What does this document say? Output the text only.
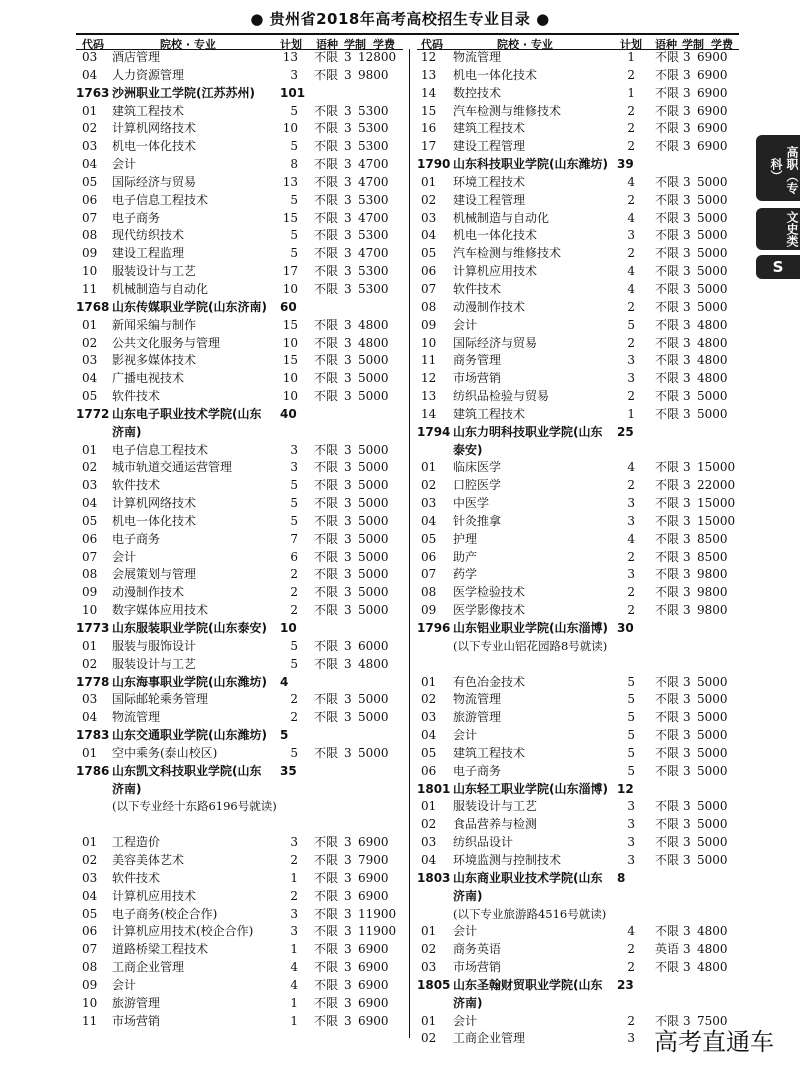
● 贵州省2018年高考高校招生专业目录 ●
代码	院校 · 专业	计划 语种 学制 学费 代码	院校 · 专业	计划 语种 学制 学费
03 酒店管理	13 不限 3 12800
04 人力资源管理	3 不限 3 9800
1763 沙洲职业工学院(江苏苏州) 101
01 建筑工程技术	5 不限 3 5300
02 计算机网络技术	10 不限 3 5300
03 机电一体化技术	5 不限 3 5300
04 会计	8 不限 3 4700
05 国际经济与贸易	13 不限 3 4700
06 电子信息工程技术	5 不限 3 5300
07 电子商务	15 不限 3 4700
08 现代纺织技术	5 不限 3 5300
09 建设工程监理	5 不限 3 4700
10 服装设计与工艺	17 不限 3 5300
11 机械制造与自动化	10 不限 3 5300
1768 山东传媒职业学院(山东济南) 60
01 新闻采编与制作	15 不限 3 4800
02 公共文化服务与管理	10 不限 3 4800
03 影视多媒体技术	15 不限 3 5000
04 广播电视技术	10 不限 3 5000
05 软件技术	10 不限 3 5000
1772 山东电子职业技术学院(山东济南)
40
01 电子信息工程技术	3 不限 3 5000
02 城市轨道交通运营管理	3 不限 3 5000
03 软件技术	5 不限 3 5000
04 计算机网络技术	5 不限 3 5000
05 机电一体化技术	5 不限 3 5000
06 电子商务	7 不限 3 5000
07 会计	6 不限 3 5000
08 会展策划与管理	2 不限 3 5000
09 动漫制作技术	2 不限 3 5000
10 数字媒体应用技术	2 不限 3 5000
1773 山东服装职业学院(山东泰安) 10
01 服装与服饰设计	5 不限 3 6000
02 服装设计与工艺	5 不限 3 4800
1778 山东海事职业学院(山东潍坊) 4
03 国际邮轮乘务管理	2 不限 3 5000
04 物流管理	2 不限 3 5000
1783 山东交通职业学院(山东潍坊) 5
01 空中乘务(泰山校区)	5 不限 3 5000
1786 山东凯文科技职业学院(山东济南)
35
(以下专业经十东路6196号就读)
01 工程造价	3 不限 3 6900
02 美容美体艺术	2 不限 3 7900
03 软件技术	1 不限 3 6900
04 计算机应用技术	2 不限 3 6900
05 电子商务(校企合作)	3 不限 3 11900
06 计算机应用技术(校企合作)	3 不限 3 11900
07 道路桥梁工程技术	1 不限 3 6900
08 工商企业管理	4 不限 3 6900
09 会计	4 不限 3 6900
10 旅游管理	1 不限 3 6900
11 市场营销	1 不限 3 6900
12 物流管理	1 不限 3 6900
13 机电一体化技术	2 不限 3 6900
14 数控技术	1 不限 3 6900
15 汽车检测与维修技术	2 不限 3 6900
16 建筑工程技术	2 不限 3 6900
17 建设工程管理	2 不限 3 6900
1790 山东科技职业学院(山东潍坊) 39
01 环境工程技术	4 不限 3 5000
02 建设工程管理	2 不限 3 5000
03 机械制造与自动化	4 不限 3 5000
04 机电一体化技术	3 不限 3 5000
05 汽车检测与维修技术	2 不限 3 5000
06 计算机应用技术	4 不限 3 5000
07 软件技术	4 不限 3 5000
08 动漫制作技术	2 不限 3 5000
09 会计	5 不限 3 4800
10 国际经济与贸易	2 不限 3 4800
11 商务管理	3 不限 3 4800
12 市场营销	3 不限 3 4800
13 纺织品检验与贸易	2 不限 3 5000
14 建筑工程技术	1 不限 3 5000
1794 山东力明科技职业学院(山东泰安)
25
01 临床医学	4 不限 3 15000
02 口腔医学	2 不限 3 22000
03 中医学	3 不限 3 15000
04 针灸推拿	3 不限 3 15000
05 护理	4 不限 3 8500
06 助产	2 不限 3 8500
07 药学	3 不限 3 9800
08 医学检验技术	2 不限 3 9800
09 医学影像技术	2 不限 3 9800
1796 山东铝业职业学院(山东淄博) 30
(以下专业山铝花园路8号就读)
01 有色冶金技术	5 不限 3 5000
02 物流管理	5 不限 3 5000
03 旅游管理	5 不限 3 5000
04 会计	5 不限 3 5000
05 建筑工程技术	5 不限 3 5000
06 电子商务	5 不限 3 5000
1801 山东轻工职业学院(山东淄博) 12
01 服装设计与工艺	3 不限 3 5000
02 食品营养与检测	3 不限 3 5000
03 纺织品设计	3 不限 3 5000
04 环境监测与控制技术	3 不限 3 5000
1803 山东商业职业技术学院(山东济南)
8
(以下专业旅游路4516号就读)
01 会计	4 不限 3 4800
02 商务英语	2 英语 3 4800
03 市场营销	2 不限 3 4800
1805 山东圣翰财贸职业学院(山东济南)
23
01 会计	2 不限 3 7500
02 工商企业管理	3
高职（专科）
文史类
S
高考直通车
